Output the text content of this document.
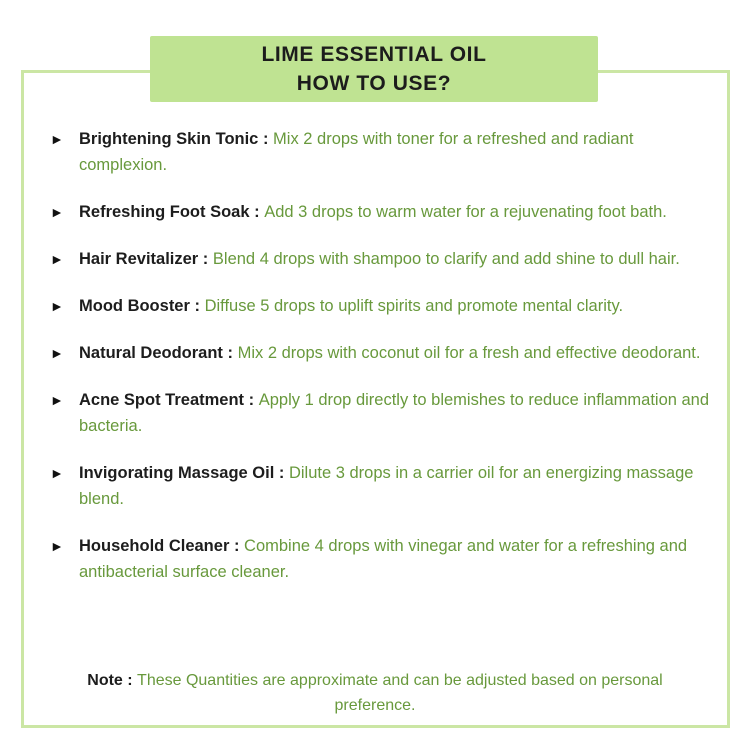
LIME ESSENTIAL OIL
HOW TO USE?
► Brightening Skin Tonic : Mix 2 drops with toner for a refreshed and radiant complexion.

► Refreshing Foot Soak : Add 3 drops to warm water for a rejuvenating foot bath.

► Hair Revitalizer : Blend 4 drops with shampoo to clarify and add shine to dull hair.

► Mood Booster : Diffuse 5 drops to uplift spirits and promote mental clarity.

► Natural Deodorant : Mix 2 drops with coconut oil for a fresh and effective deodorant.

► Acne Spot Treatment : Apply 1 drop directly to blemishes to reduce inflammation and bacteria.

► Invigorating Massage Oil : Dilute 3 drops in a carrier oil for an energizing massage blend.

► Household Cleaner : Combine 4 drops with vinegar and water for a refreshing and antibacterial surface cleaner.

Note : These Quantities are approximate and can be adjusted based on personal preference.
